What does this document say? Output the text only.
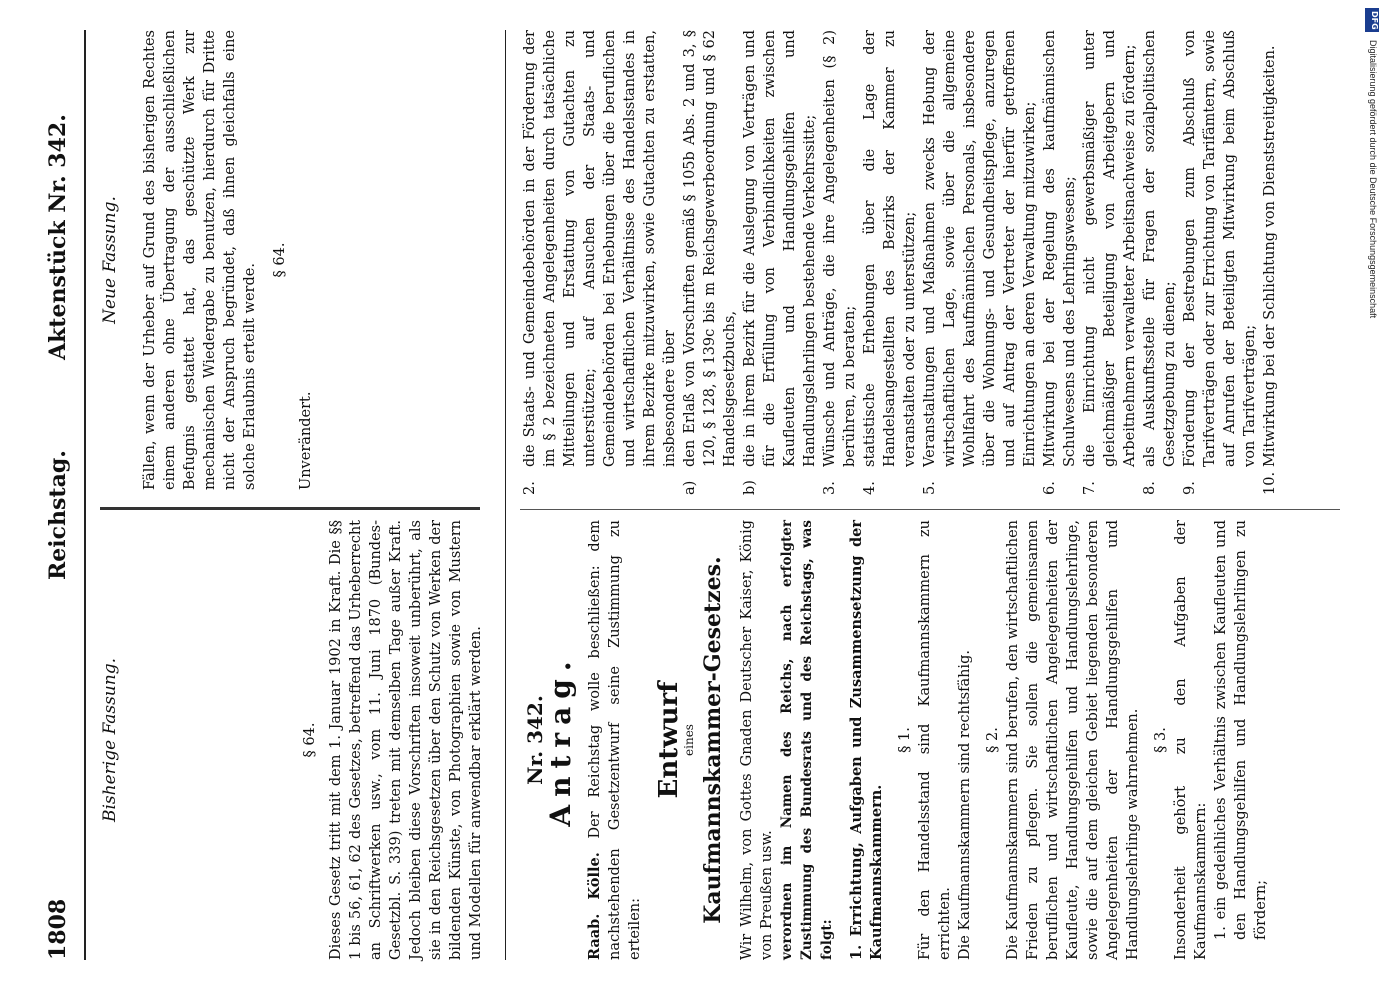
1808
Reichstag.
Aktenstück Nr. 342.

Bisherige Fassung.	§ 64. Dieses Gesetz tritt mit dem 1. Januar 1902 in Kraft. Die §§ 1 bis 56, 61, 62 des Gesetzes, betreffend das Urheberrecht an Schriftwerken usw., vom 11. Juni 1870 (Bundes-Gesetzbl. S. 339) treten mit demselben Tage außer Kraft. Jedoch bleiben diese Vorschriften insoweit unberührt, als sie in den Reichsgesetzen über den Schutz von Werken der bildenden Künste, von Photographien sowie von Mustern und Modellen für anwendbar erklärt werden.

Neue Fassung. Fällen, wenn der Urheber auf Grund des bisherigen Rechtes einem anderen ohne Übertragung der ausschließlichen Befugnis gestattet hat, das geschützte Werk zur mechanischen Wiedergabe zu benutzen, hierdurch für Dritte nicht der Anspruch begründet, daß ihnen gleichfalls eine solche Erlaubnis erteilt werde.

§ 64.

Unverändert.

Nr. 342.

Antrag.

Raab. Kölle. Der Reichstag wolle beschließen: dem nachstehenden Gesetzentwurf seine Zustimmung zu erteilen:

Entwurf

eines Kaufmannskammer-Gesetzes. Wir Wilhelm, von Gottes Gnaden Deutscher Kaiser, König von Preußen usw. verordnen im Namen des Reichs, nach erfolgter Zustimmung des Bundesrats und des Reichstags, was folgt: 1. Errichtung, Aufgaben und Zusammensetzung der Kaufmannskammern.

§ 1. Für den Handelsstand sind Kaufmannskammern zu errichten. Die Kaufmannskammern sind rechtsfähig. § 2. Die Kaufmannskammern sind berufen, den wirtschaftlichen Frieden zu pflegen. Sie sollen die gemeinsamen beruflichen und wirtschaftlichen Angelegenheiten der Kaufleute, Handlungsgehilfen und Handlungslehrlinge, sowie die auf dem gleichen Gebiet liegenden besonderen Angelegenheiten der Handlungsgehilfen und Handlungslehrlinge wahrnehmen. § 3. Insonderheit gehört zu den Aufgaben der Kaufmannskammern: 1. ein gedeihliches Verhältnis zwischen Kaufleuten und den Handlungsgehilfen und Handlungslehrlingen zu fördern;

2.
die Staats- und Gemeindebehörden in der Förderung der im § 2 bezeichneten Angelegenheiten durch tatsächliche Mitteilungen und Erstattung von Gutachten zu unterstützen; auf Ansuchen der Staats- und Gemeindebehörden bei Erhebungen über die beruflichen und wirtschaftlichen Verhältnisse des Handelsstandes in ihrem Bezirke mitzuwirken, sowie Gutachten zu erstatten, insbesondere über
a)
den Erlaß von Vorschriften gemäß § 105b Abs. 2 und 3, § 120, § 128, § 139c bis m Reichsgewerbeordnung und § 62 Handelsgesetzbuchs,
b)
die in ihrem Bezirk für die Auslegung von Verträgen und für die Erfüllung von Verbindlichkeiten zwischen Kaufleuten und Handlungsgehilfen und Handlungslehrlingen bestehende Verkehrssitte;
3.
Wünsche und Anträge, die ihre Angelegenheiten (§ 2) berühren, zu beraten;
4.
statistische Erhebungen über die Lage der Handelsangestellten des Bezirks der Kammer zu veranstalten oder zu unterstützen;
5.
Veranstaltungen und Maßnahmen zwecks Hebung der wirtschaftlichen Lage, sowie über die allgemeine Wohlfahrt des kaufmännischen Personals, insbesondere über die Wohnungs- und Gesundheitspflege, anzuregen und auf Antrag der Vertreter der hierfür getroffenen Einrichtungen an deren Verwaltung mitzuwirken;
6.
Mitwirkung bei der Regelung des kaufmännischen Schulwesens und des Lehrlingswesens;
7.
die Einrichtung nicht gewerbsmäßiger unter gleichmäßiger Beteiligung von Arbeitgebern und Arbeitnehmern verwalteter Arbeitsnachweise zu fördern;
8.
als Auskunftsstelle für Fragen der sozialpolitischen Gesetzgebung zu dienen;
9.
Förderung der Bestrebungen zum Abschluß von Tarifverträgen oder zur Errichtung von Tarifämtern, sowie auf Anrufen der Beteiligten Mitwirkung beim Abschluß von Tarifverträgen;
10.
Mitwirkung bei der Schlichtung von Dienststreitigkeiten.
DFG
Digitalisierung gefördert durch die Deutsche Forschungsgemeinschaft
